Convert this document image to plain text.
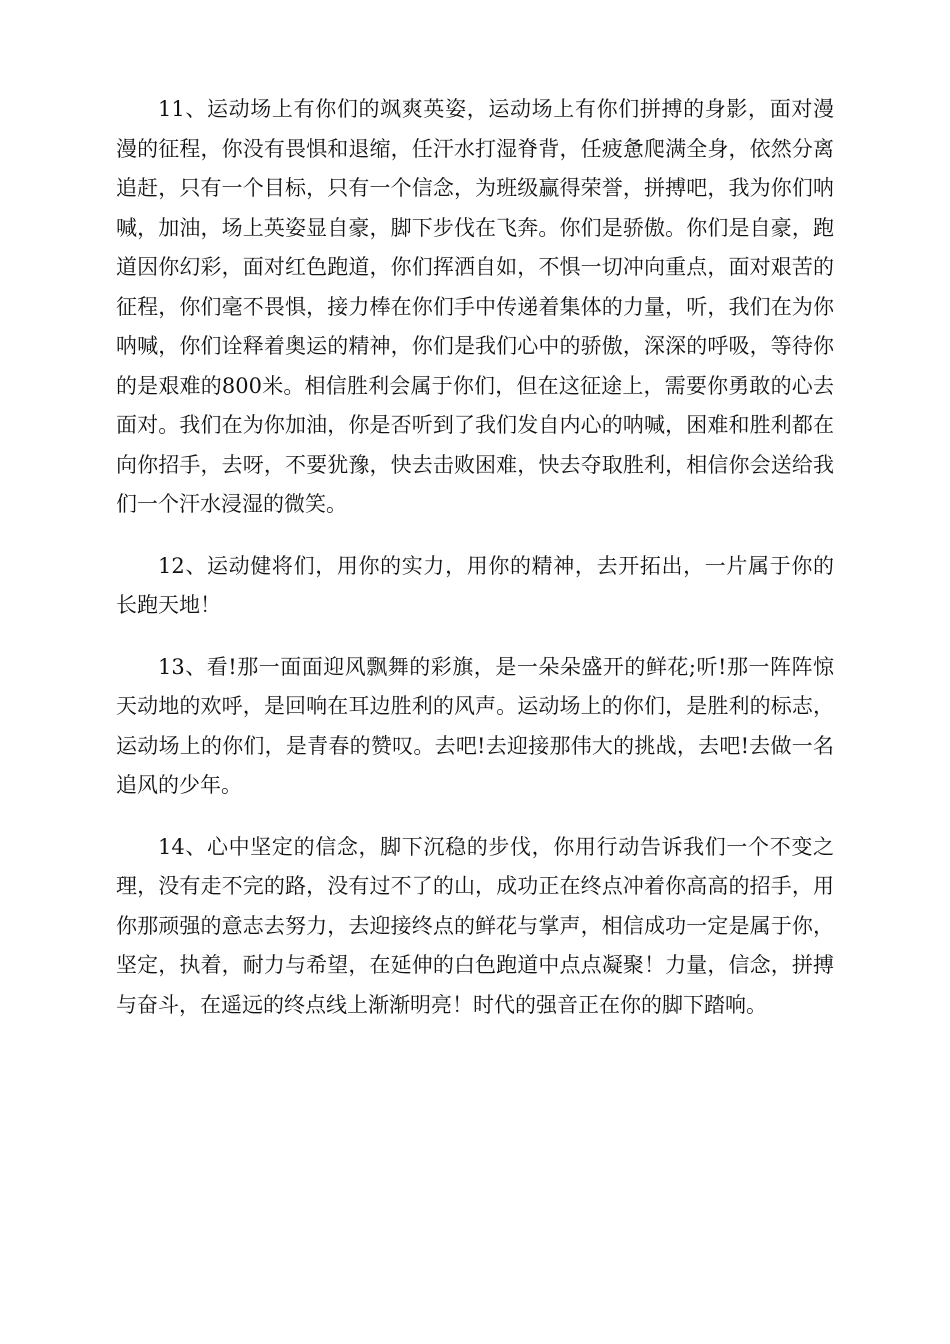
11、运动场上有你们的飒爽英姿，运动场上有你们拼搏的身影，面对漫漫的征程，你没有畏惧和退缩，任汗水打湿脊背，任疲惫爬满全身，依然分离追赶，只有一个目标，只有一个信念，为班级赢得荣誉，拼搏吧，我为你们呐喊，加油，场上英姿显自豪，脚下步伐在飞奔。你们是骄傲。你们是自豪，跑道因你幻彩，面对红色跑道，你们挥洒自如，不惧一切冲向重点，面对艰苦的征程，你们毫不畏惧，接力棒在你们手中传递着集体的力量，听，我们在为你呐喊，你们诠释着奥运的精神，你们是我们心中的骄傲，深深的呼吸，等待你的是艰难的800米。相信胜利会属于你们，但在这征途上，需要你勇敢的心去面对。我们在为你加油，你是否听到了我们发自内心的呐喊，困难和胜利都在向你招手，去呀，不要犹豫，快去击败困难，快去夺取胜利，相信你会送给我们一个汗水浸湿的微笑。

12、运动健将们，用你的实力，用你的精神，去开拓出，一片属于你的长跑天地！

13、看!那一面面迎风飘舞的彩旗，是一朵朵盛开的鲜花;听!那一阵阵惊天动地的欢呼，是回响在耳边胜利的风声。运动场上的你们，是胜利的标志，运动场上的你们，是青春的赞叹。去吧!去迎接那伟大的挑战，去吧!去做一名追风的少年。

14、心中坚定的信念，脚下沉稳的步伐，你用行动告诉我们一个不变之理，没有走不完的路，没有过不了的山，成功正在终点冲着你高高的招手，用你那顽强的意志去努力，去迎接终点的鲜花与掌声，相信成功一定是属于你，坚定，执着，耐力与希望，在延伸的白色跑道中点点凝聚！力量，信念，拼搏与奋斗，在遥远的终点线上渐渐明亮！时代的强音正在你的脚下踏响。
